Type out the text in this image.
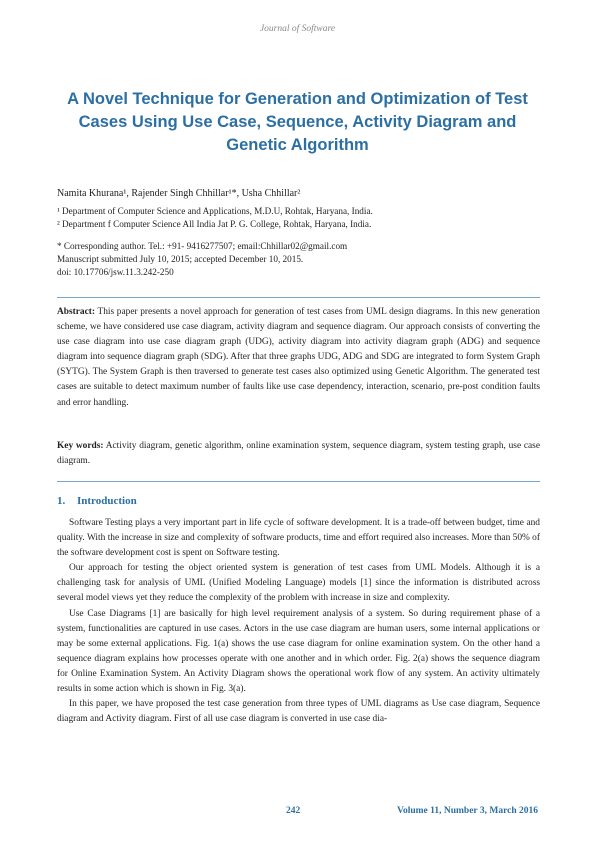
Journal of Software
A Novel Technique for Generation and Optimization of Test Cases Using Use Case, Sequence, Activity Diagram and Genetic Algorithm
Namita Khurana¹, Rajender Singh Chhillar¹*, Usha Chhillar²
¹ Department of Computer Science and Applications, M.D.U, Rohtak, Haryana, India.
² Department f Computer Science All India Jat P. G. College, Rohtak, Haryana, India.
* Corresponding author. Tel.: +91- 9416277507; email:Chhillar02@gmail.com
Manuscript submitted July 10, 2015; accepted December 10, 2015.
doi: 10.17706/jsw.11.3.242-250

Abstract: This paper presents a novel approach for generation of test cases from UML design diagrams. In this new generation scheme, we have considered use case diagram, activity diagram and sequence diagram. Our approach consists of converting the use case diagram into use case diagram graph (UDG), activity diagram into activity diagram graph (ADG) and sequence diagram into sequence diagram graph (SDG). After that three graphs UDG, ADG and SDG are integrated to form System Graph (SYTG). The System Graph is then traversed to generate test cases also optimized using Genetic Algorithm. The generated test cases are suitable to detect maximum number of faults like use case dependency, interaction, scenario, pre-post condition faults and error handling.

Key words: Activity diagram, genetic algorithm, online examination system, sequence diagram, system testing graph, use case diagram.

1. Introduction

Software Testing plays a very important part in life cycle of software development. It is a trade-off between budget, time and quality. With the increase in size and complexity of software products, time and effort required also increases. More than 50% of the software development cost is spent on Software testing.

Our approach for testing the object oriented system is generation of test cases from UML Models. Although it is a challenging task for analysis of UML (Unified Modeling Language) models [1] since the information is distributed across several model views yet they reduce the complexity of the problem with increase in size and complexity.

Use Case Diagrams [1] are basically for high level requirement analysis of a system. So during requirement phase of a system, functionalities are captured in use cases. Actors in the use case diagram are human users, some internal applications or may be some external applications. Fig. 1(a) shows the use case diagram for online examination system. On the other hand a sequence diagram explains how processes operate with one another and in which order. Fig. 2(a) shows the sequence diagram for Online Examination System. An Activity Diagram shows the operational work flow of any system. An activity ultimately results in some action which is shown in Fig. 3(a).

In this paper, we have proposed the test case generation from three types of UML diagrams as Use case diagram, Sequence diagram and Activity diagram. First of all use case diagram is converted in use case dia-

242	Volume 11, Number 3, March 2016
